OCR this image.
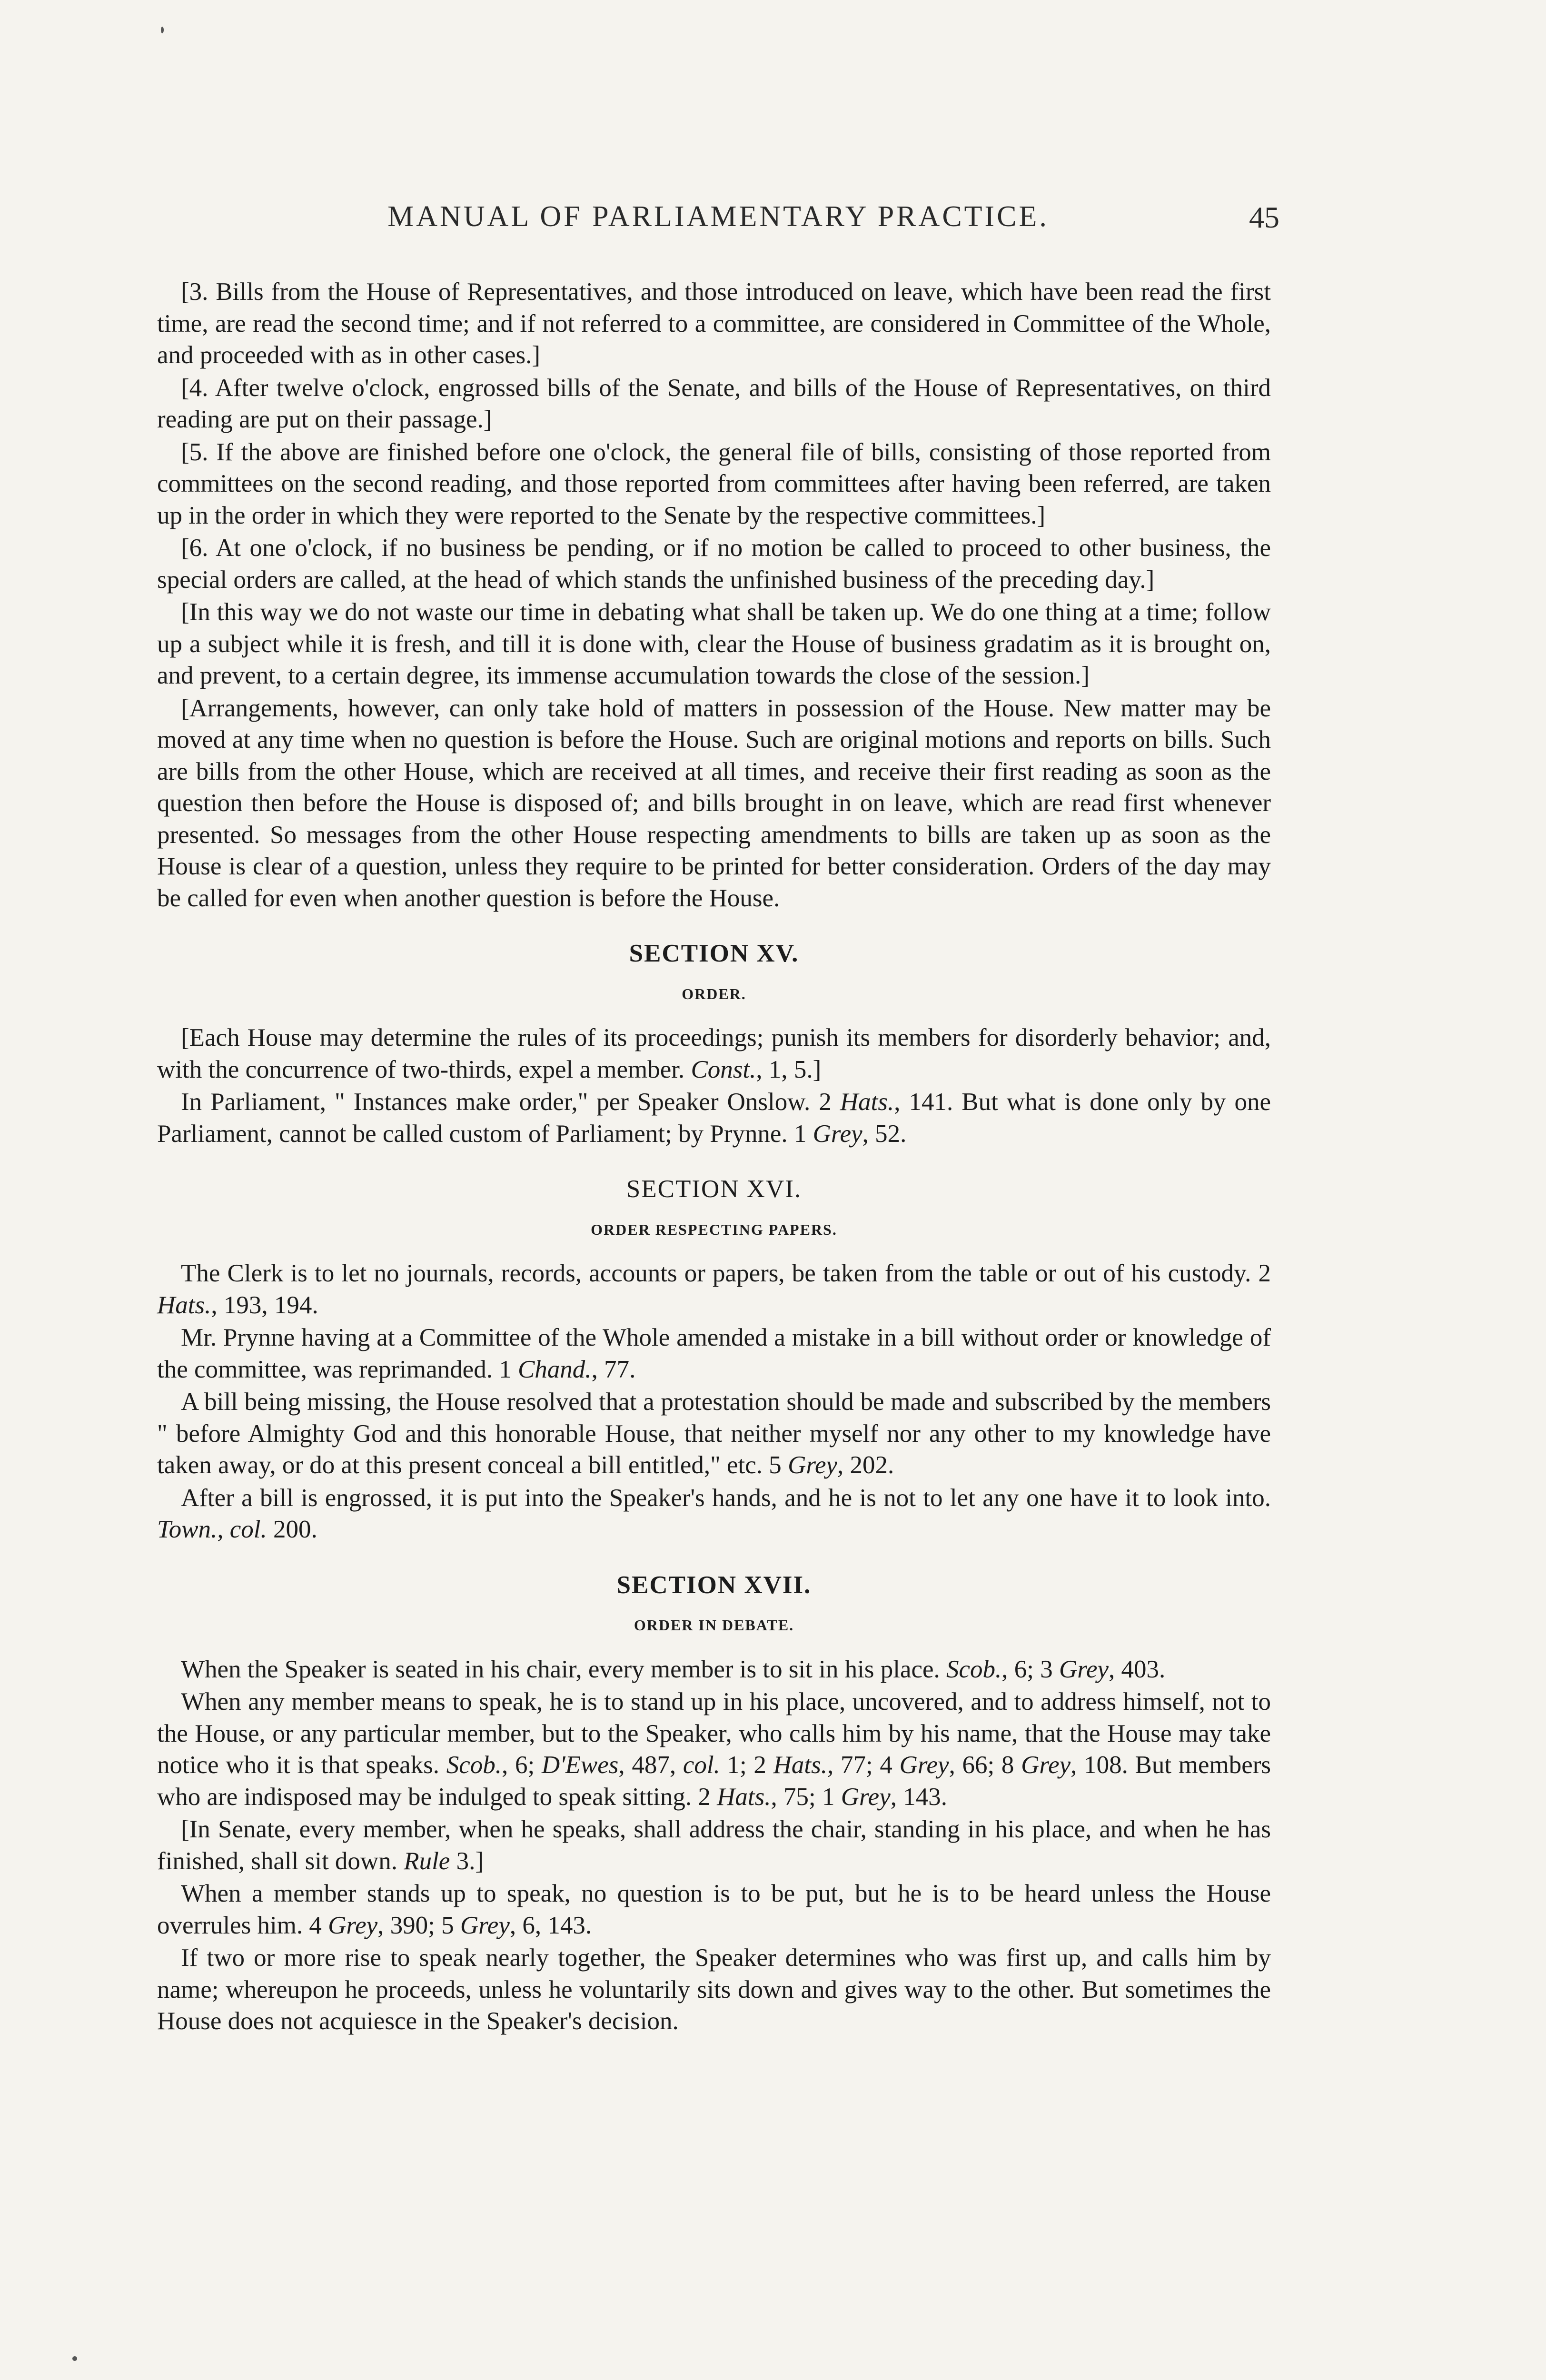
MANUAL OF PARLIAMENTARY PRACTICE.	45

[3. Bills from the House of Representatives, and those introduced on leave, which have been read the first time, are read the second time; and if not referred to a committee, are considered in Committee of the Whole, and proceeded with as in other cases.]

[4. After twelve o'clock, engrossed bills of the Senate, and bills of the House of Representatives, on third reading are put on their passage.]

[5. If the above are finished before one o'clock, the general file of bills, consisting of those reported from committees on the second reading, and those reported from committees after having been referred, are taken up in the order in which they were reported to the Senate by the respective committees.]

[6. At one o'clock, if no business be pending, or if no motion be called to proceed to other business, the special orders are called, at the head of which stands the unfinished business of the preceding day.]

[In this way we do not waste our time in debating what shall be taken up. We do one thing at a time; follow up a subject while it is fresh, and till it is done with, clear the House of business gradatim as it is brought on, and prevent, to a certain degree, its immense accumulation towards the close of the session.]

[Arrangements, however, can only take hold of matters in possession of the House. New matter may be moved at any time when no question is before the House. Such are original motions and reports on bills. Such are bills from the other House, which are received at all times, and receive their first reading as soon as the question then before the House is disposed of; and bills brought in on leave, which are read first whenever presented. So messages from the other House respecting amendments to bills are taken up as soon as the House is clear of a question, unless they require to be printed for better consideration. Orders of the day may be called for even when another question is before the House.

SECTION XV.
ORDER.

[Each House may determine the rules of its proceedings; punish its members for disorderly behavior; and, with the concurrence of two-thirds, expel a member. Const., 1, 5.]

In Parliament, " Instances make order," per Speaker Onslow. 2 Hats., 141. But what is done only by one Parliament, cannot be called custom of Parliament; by Prynne. 1 Grey, 52.

SECTION XVI.
ORDER RESPECTING PAPERS.

The Clerk is to let no journals, records, accounts or papers, be taken from the table or out of his custody. 2 Hats., 193, 194.

Mr. Prynne having at a Committee of the Whole amended a mistake in a bill without order or knowledge of the committee, was reprimanded. 1 Chand., 77.

A bill being missing, the House resolved that a protestation should be made and subscribed by the members " before Almighty God and this honorable House, that neither myself nor any other to my knowledge have taken away, or do at this present conceal a bill entitled," etc. 5 Grey, 202.

After a bill is engrossed, it is put into the Speaker's hands, and he is not to let any one have it to look into. Town., col. 200.

SECTION XVII.
ORDER IN DEBATE.

When the Speaker is seated in his chair, every member is to sit in his place. Scob., 6; 3 Grey, 403.

When any member means to speak, he is to stand up in his place, uncovered, and to address himself, not to the House, or any particular member, but to the Speaker, who calls him by his name, that the House may take notice who it is that speaks. Scob., 6; D'Ewes, 487, col. 1; 2 Hats., 77; 4 Grey, 66; 8 Grey, 108. But members who are indisposed may be indulged to speak sitting. 2 Hats., 75; 1 Grey, 143.

[In Senate, every member, when he speaks, shall address the chair, standing in his place, and when he has finished, shall sit down. Rule 3.]

When a member stands up to speak, no question is to be put, but he is to be heard unless the House overrules him. 4 Grey, 390; 5 Grey, 6, 143.

If two or more rise to speak nearly together, the Speaker determines who was first up, and calls him by name; whereupon he proceeds, unless he voluntarily sits down and gives way to the other. But sometimes the House does not acquiesce in the Speaker's decision.
